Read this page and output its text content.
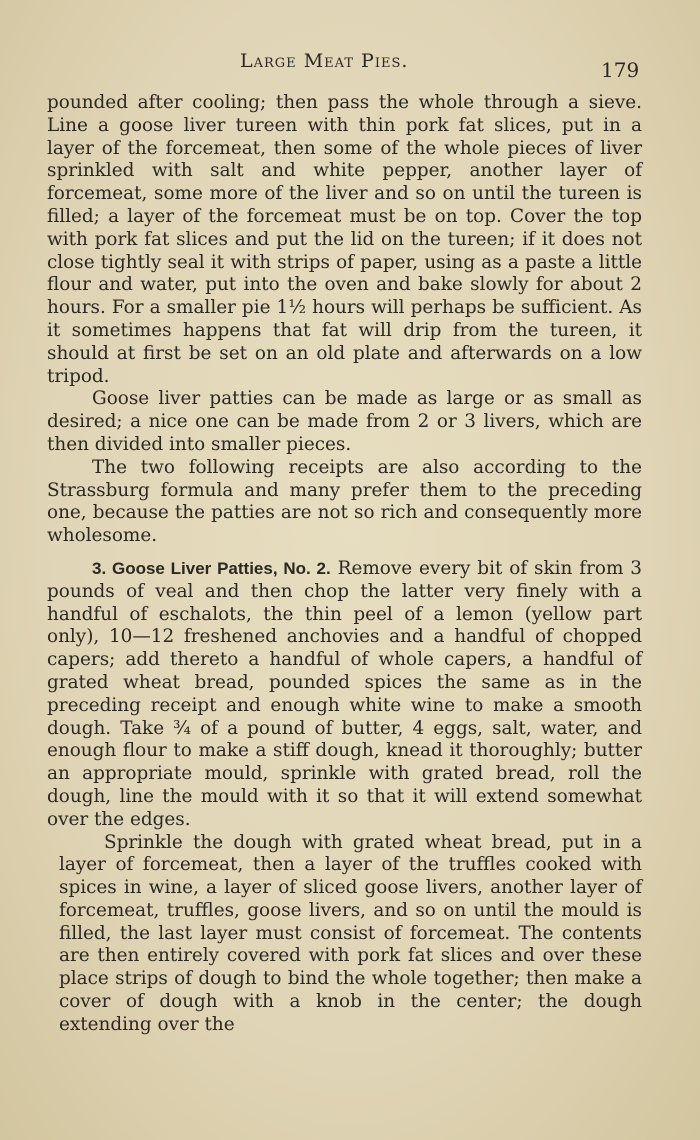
Large Meat Pies.	179

pounded after cooling; then pass the whole through a sieve. Line a goose liver tureen with thin pork fat slices, put in a layer of the forcemeat, then some of the whole pieces of liver sprinkled with salt and white pepper, another layer of forcemeat, some more of the liver and so on until the tureen is filled; a layer of the forcemeat must be on top. Cover the top with pork fat slices and put the lid on the tureen; if it does not close tightly seal it with strips of paper, using as a paste a little flour and water, put into the oven and bake slowly for about 2 hours. For a smaller pie 1½ hours will perhaps be sufficient. As it sometimes happens that fat will drip from the tureen, it should at first be set on an old plate and afterwards on a low tripod.

Goose liver patties can be made as large or as small as desired; a nice one can be made from 2 or 3 livers, which are then divided into smaller pieces.

The two following receipts are also according to the Strassburg formula and many prefer them to the preceding one, because the patties are not so rich and consequently more wholesome.

3. Goose Liver Patties, No. 2. Remove every bit of skin from 3 pounds of veal and then chop the latter very finely with a handful of eschalots, the thin peel of a lemon (yellow part only), 10—12 freshened anchovies and a handful of chopped capers; add thereto a handful of whole capers, a handful of grated wheat bread, pounded spices the same as in the preceding receipt and enough white wine to make a smooth dough. Take ¾ of a pound of butter, 4 eggs, salt, water, and enough flour to make a stiff dough, knead it thoroughly; butter an appropriate mould, sprinkle with grated bread, roll the dough, line the mould with it so that it will extend somewhat over the edges.

Sprinkle the dough with grated wheat bread, put in a layer of forcemeat, then a layer of the truffles cooked with spices in wine, a layer of sliced goose livers, another layer of forcemeat, truffles, goose livers, and so on until the mould is filled, the last layer must consist of forcemeat. The contents are then entirely covered with pork fat slices and over these place strips of dough to bind the whole together; then make a cover of dough with a knob in the center; the dough extending over the
